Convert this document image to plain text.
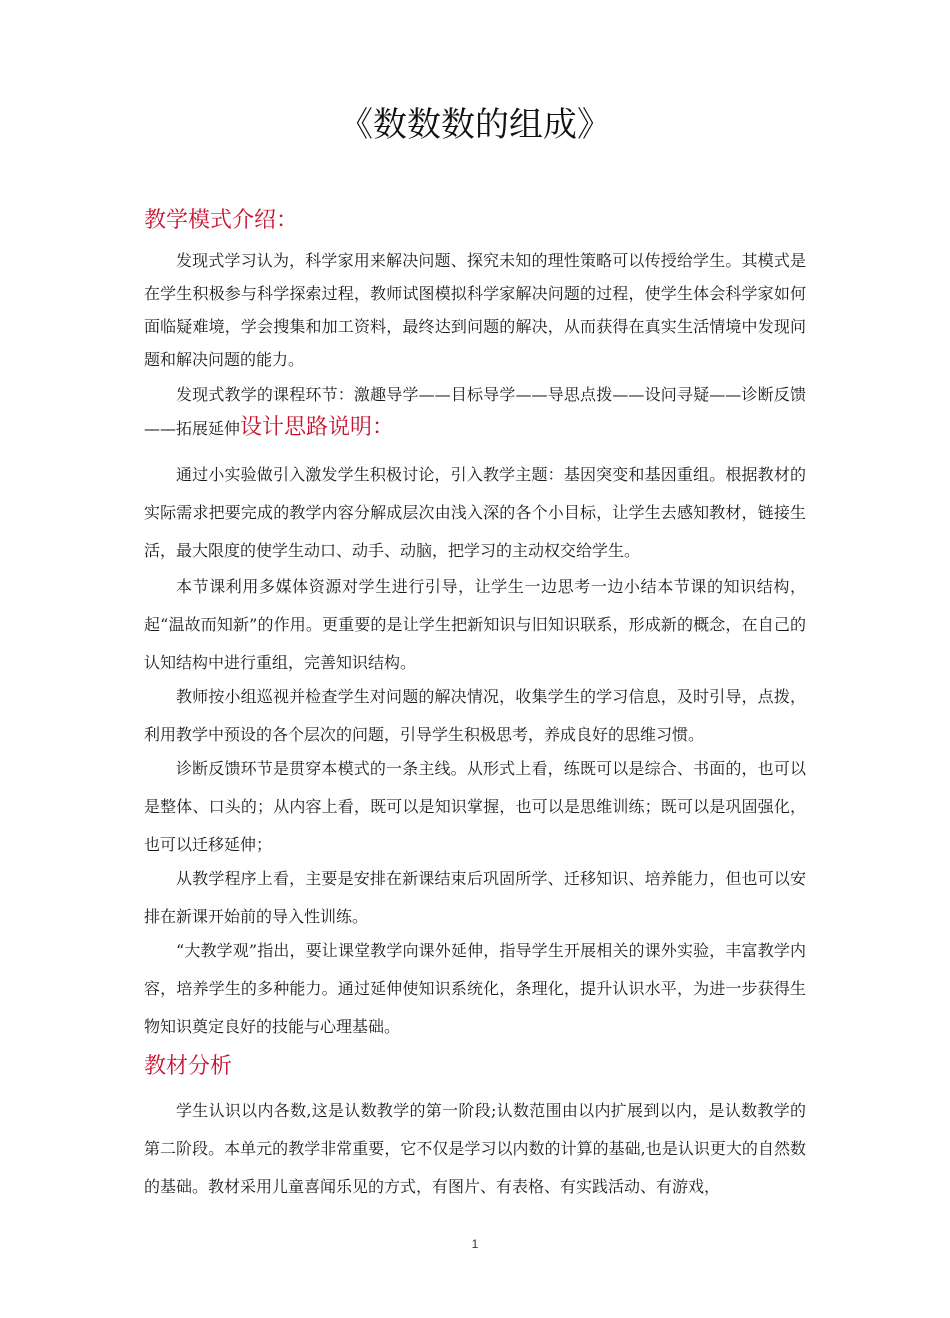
《数数数的组成》
教学模式介绍：
发现式学习认为，科学家用来解决问题、探究未知的理性策略可以传授给学生。其模式是在学生积极参与科学探索过程，教师试图模拟科学家解决问题的过程，使学生体会科学家如何面临疑难境，学会搜集和加工资料，最终达到问题的解决，从而获得在真实生活情境中发现问题和解决问题的能力。
发现式教学的课程环节：激趣导学——目标导学——导思点拨——设问寻疑——诊断反馈——拓展延伸设计思路说明：
通过小实验做引入激发学生积极讨论，引入教学主题：基因突变和基因重组。根据教材的实际需求把要完成的教学内容分解成层次由浅入深的各个小目标，让学生去感知教材，链接生活，最大限度的使学生动口、动手、动脑，把学习的主动权交给学生。
本节课利用多媒体资源对学生进行引导，让学生一边思考一边小结本节课的知识结构，起“温故而知新”的作用。更重要的是让学生把新知识与旧知识联系，形成新的概念，在自己的认知结构中进行重组，完善知识结构。
教师按小组巡视并检查学生对问题的解决情况，收集学生的学习信息，及时引导，点拨，利用教学中预设的各个层次的问题，引导学生积极思考，养成良好的思维习惯。
诊断反馈环节是贯穿本模式的一条主线。从形式上看，练既可以是综合、书面的，也可以是整体、口头的；从内容上看，既可以是知识掌握，也可以是思维训练；既可以是巩固强化，也可以迁移延伸；
从教学程序上看，主要是安排在新课结束后巩固所学、迁移知识、培养能力，但也可以安排在新课开始前的导入性训练。
“大教学观”指出，要让课堂教学向课外延伸，指导学生开展相关的课外实验，丰富教学内容，培养学生的多种能力。通过延伸使知识系统化，条理化，提升认识水平，为进一步获得生物知识奠定良好的技能与心理基础。
教材分析
学生认识以内各数,这是认数教学的第一阶段;认数范围由以内扩展到以内，是认数教学的第二阶段。本单元的教学非常重要，它不仅是学习以内数的计算的基础,也是认识更大的自然数的基础。教材采用儿童喜闻乐见的方式，有图片、有表格、有实践活动、有游戏，
1
